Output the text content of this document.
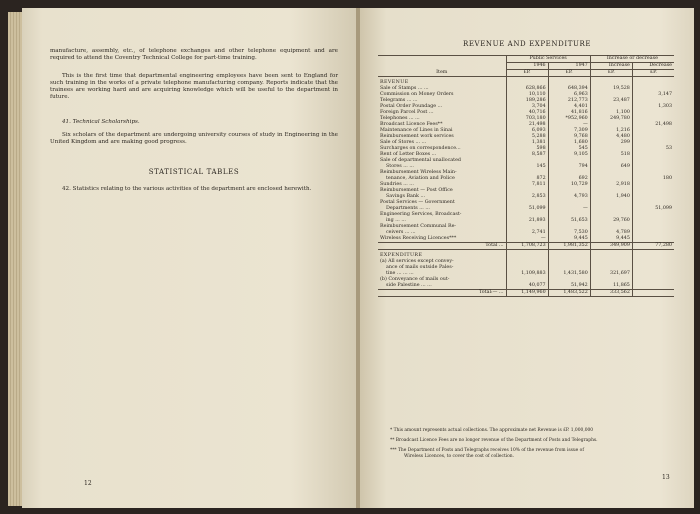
manufacture, assembly, etc., of telephone exchanges and other telephone equipment and are required to attend the Coventry Technical College for part-time training.
This is the first time that departmental engineering employees have been sent to England for such training in the works of a private telephone manufacturing company. Reports indicate that the trainees are working hard and are acquiring knowledge which will be useful to the department in future.
41. Technical Scholarships.
Six scholars of the department are undergoing university courses of study in Engineering in the United Kingdom and are making good progress.
STATISTICAL TABLES
42. Statistics relating to the various activities of the department are enclosed herewith.
12
REVENUE AND EXPENDITURE
Item	Public Services		Increase or decrease	
	1946	1947	Increase	Decrease
	£P.	£P.	£P.	£P.
REVENUE				
Sale of Stamps ... ...	628,866	648,394	19,528	
Commission on Money Orders	10,110	6,963		3,147
Telegrams ... ...	189,286	212,773	23,487	
Postal Order Poundage ...	3,704	4,401		1,303
Foreign Parcel Post ...	40,716	41,816	1,100	
Telephones ... ...	703,180	*952,960	249,780	
Broadcast Licence Fees**	21,498	—		21,498
Maintenance of Lines in Sinai	6,093	7,309	1,216	
Reimbursement work services	5,288	9,768	4,480	
Sale of Stores ... ...	1,381	1,680	299	
Surcharges on correspondence...	598	545		53
Rent of Letter Boxes ...	8,587	9,105	518	
Sale of departmental unallocated				
Stores ... ...	145	794	649	
Reimbursement Wireless Main-				
tenance, Aviation and Police	872	692		180
Sundries ... ...	7,811	10,729	2,918	
Reimbursement — Post Office				
Savings Bank ...	2,853	4,793	1,940	
Postal Services — Government				
Departments ... ...	51,099	—		51,099
Engineering Services, Broadcast-				
ing ... ...	21,893	51,653	29,760	
Reimbursement Communal Re-				
ceivers ... ...	2,741	7,530	4,789	
Wireless Receiving Licences***	—	9,445	9,445	
Total ...	1,708,723	1,981,352	349,909	77,280
EXPENDITURE				
(a) All services except convey-				
ance of mails outside Pales-				
tine ... ... ...	1,109,883	1,431,580	321,697	
(b) Conveyance of mails out-				
side Palestine ... ...	40,077	51,942	11,865	
Total:— ...	1,149,960	1,483,522	333,562	
* This amount represents actual collections. The approximate net Revenue is £P. 1,000,000
** Broadcast Licence Fees are no longer revenue of the Department of Posts and Telegraphs.
*** The Department of Posts and Telegraphs receives 10% of the revenue from issue of
Wireless Licences, to cover the cost of collection.
13
